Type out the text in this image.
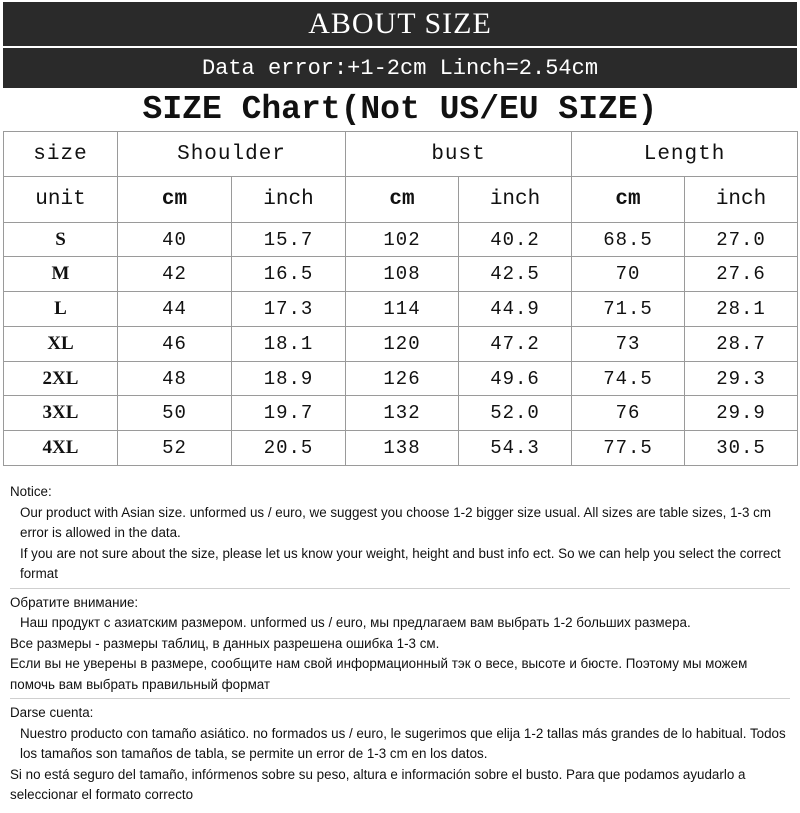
ABOUT SIZE
Data error:+1-2cm Linch=2.54cm
SIZE Chart(Not US/EU SIZE)
size	Shoulder		bust		Length	
unit	cm	inch	cm	inch	cm	inch
S	40	15.7	102	40.2	68.5	27.0
M	42	16.5	108	42.5	70	27.6
L	44	17.3	114	44.9	71.5	28.1
XL	46	18.1	120	47.2	73	28.7
2XL	48	18.9	126	49.6	74.5	29.3
3XL	50	19.7	132	52.0	76	29.9
4XL	52	20.5	138	54.3	77.5	30.5

Notice:

Our product with Asian size. unformed us / euro, we suggest you choose 1-2 bigger size usual. All sizes are table sizes, 1-3 cm error is allowed in the data.

If you are not sure about the size, please let us know your weight, height and bust info ect. So we can help you select the correct format

Обратите внимание:

Наш продукт с азиатским размером. unformed us / euro, мы предлагаем вам выбрать 1-2 больших размера.

Все размеры - размеры таблиц, в данных разрешена ошибка 1-3 см.

Если вы не уверены в размере, сообщите нам свой информационный тэк о весе, высоте и бюсте. Поэтому мы можем помочь вам выбрать правильный формат

Darse cuenta:

Nuestro producto con tamaño asiático. no formados us / euro, le sugerimos que elija 1-2 tallas más grandes de lo habitual. Todos los tamaños son tamaños de tabla, se permite un error de 1-3 cm en los datos.

Si no está seguro del tamaño, infórmenos sobre su peso, altura e información sobre el busto. Para que podamos ayudarlo a seleccionar el formato correcto
